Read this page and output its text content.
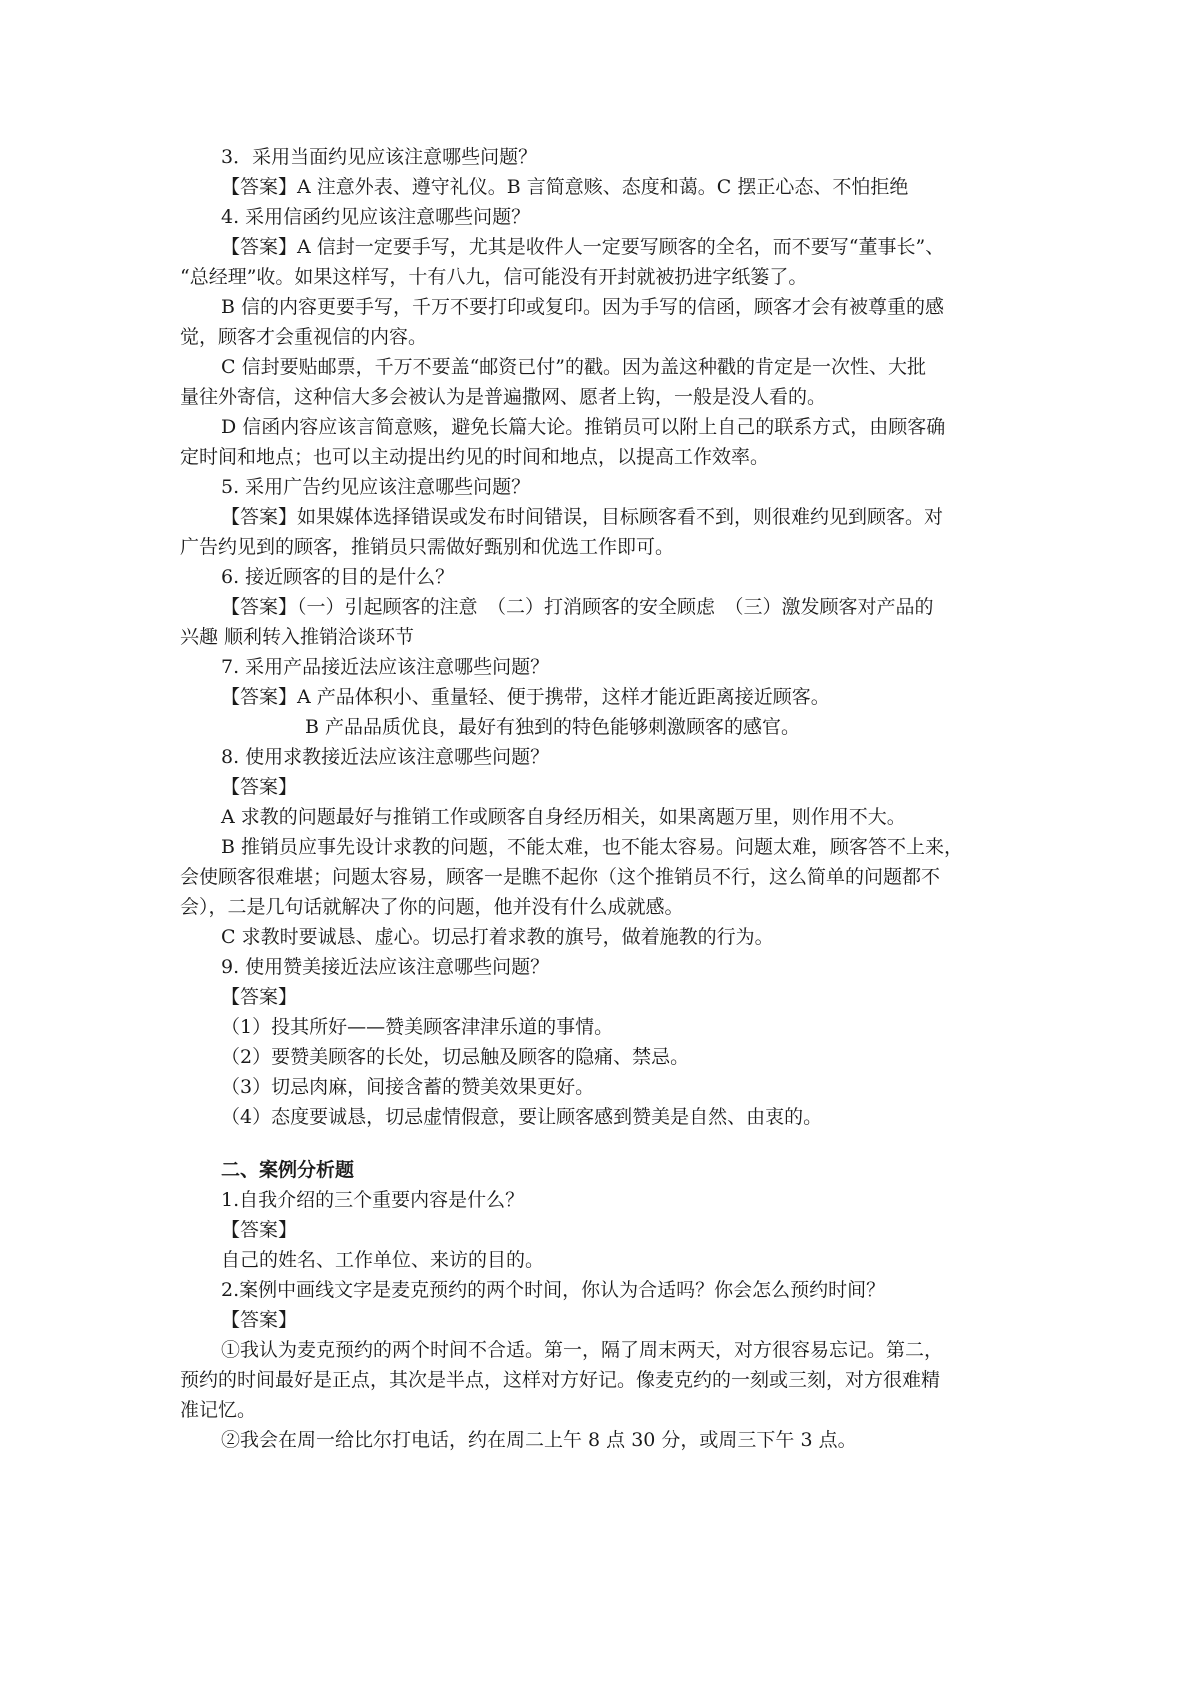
3．采用当面约见应该注意哪些问题？
【答案】A 注意外表、遵守礼仪。B 言简意赅、态度和蔼。C 摆正心态、不怕拒绝
4. 采用信函约见应该注意哪些问题？
【答案】A 信封一定要手写，尤其是收件人一定要写顾客的全名，而不要写“董事长”、
“总经理”收。如果这样写，十有八九，信可能没有开封就被扔进字纸篓了。
B 信的内容更要手写，千万不要打印或复印。因为手写的信函，顾客才会有被尊重的感
觉，顾客才会重视信的内容。
C 信封要贴邮票，千万不要盖“邮资已付”的戳。因为盖这种戳的肯定是一次性、大批
量往外寄信，这种信大多会被认为是普遍撒网、愿者上钩，一般是没人看的。
D 信函内容应该言简意赅，避免长篇大论。推销员可以附上自己的联系方式，由顾客确
定时间和地点；也可以主动提出约见的时间和地点，以提高工作效率。
5. 采用广告约见应该注意哪些问题？
【答案】如果媒体选择错误或发布时间错误，目标顾客看不到，则很难约见到顾客。对
广告约见到的顾客，推销员只需做好甄别和优选工作即可。
6. 接近顾客的目的是什么？
【答案】（一）引起顾客的注意　（二）打消顾客的安全顾虑　（三）激发顾客对产品的
兴趣 顺利转入推销洽谈环节
7. 采用产品接近法应该注意哪些问题？
【答案】A 产品体积小、重量轻、便于携带，这样才能近距离接近顾客。
B 产品品质优良，最好有独到的特色能够刺激顾客的感官。
8. 使用求教接近法应该注意哪些问题？
【答案】
A 求教的问题最好与推销工作或顾客自身经历相关，如果离题万里，则作用不大。
B 推销员应事先设计求教的问题，不能太难，也不能太容易。问题太难，顾客答不上来，
会使顾客很难堪；问题太容易，顾客一是瞧不起你（这个推销员不行，这么简单的问题都不
会），二是几句话就解决了你的问题，他并没有什么成就感。
C 求教时要诚恳、虚心。切忌打着求教的旗号，做着施教的行为。
9. 使用赞美接近法应该注意哪些问题？
【答案】
（1）投其所好——赞美顾客津津乐道的事情。
（2）要赞美顾客的长处，切忌触及顾客的隐痛、禁忌。
（3）切忌肉麻，间接含蓄的赞美效果更好。
（4）态度要诚恳，切忌虚情假意，要让顾客感到赞美是自然、由衷的。
二、案例分析题
1.自我介绍的三个重要内容是什么？
【答案】
自己的姓名、工作单位、来访的目的。
2.案例中画线文字是麦克预约的两个时间，你认为合适吗？你会怎么预约时间？
【答案】
①我认为麦克预约的两个时间不合适。第一，隔了周末两天，对方很容易忘记。第二，
预约的时间最好是正点，其次是半点，这样对方好记。像麦克约的一刻或三刻，对方很难精
准记忆。
②我会在周一给比尔打电话，约在周二上午 8 点 30 分，或周三下午 3 点。
